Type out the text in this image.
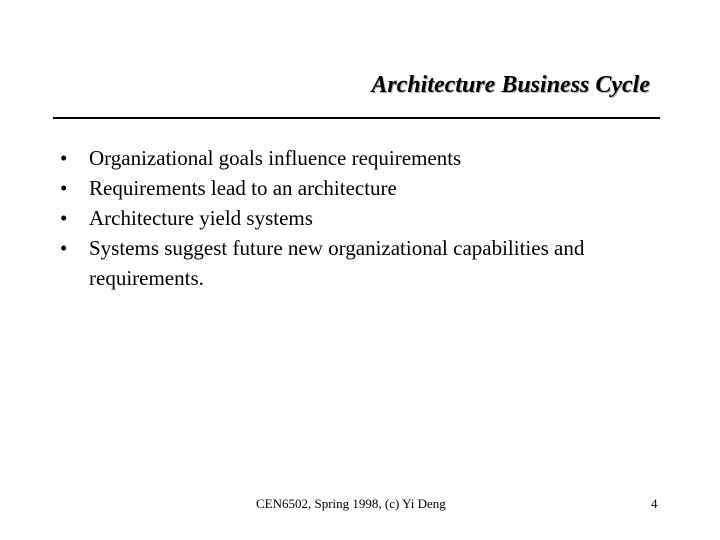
Architecture Business Cycle
• Organizational goals influence requirements
• Requirements lead to an architecture
• Architecture yield systems
• Systems suggest future new organizational capabilities and requirements.
CEN6502, Spring 1998, (c) Yi Deng	4
